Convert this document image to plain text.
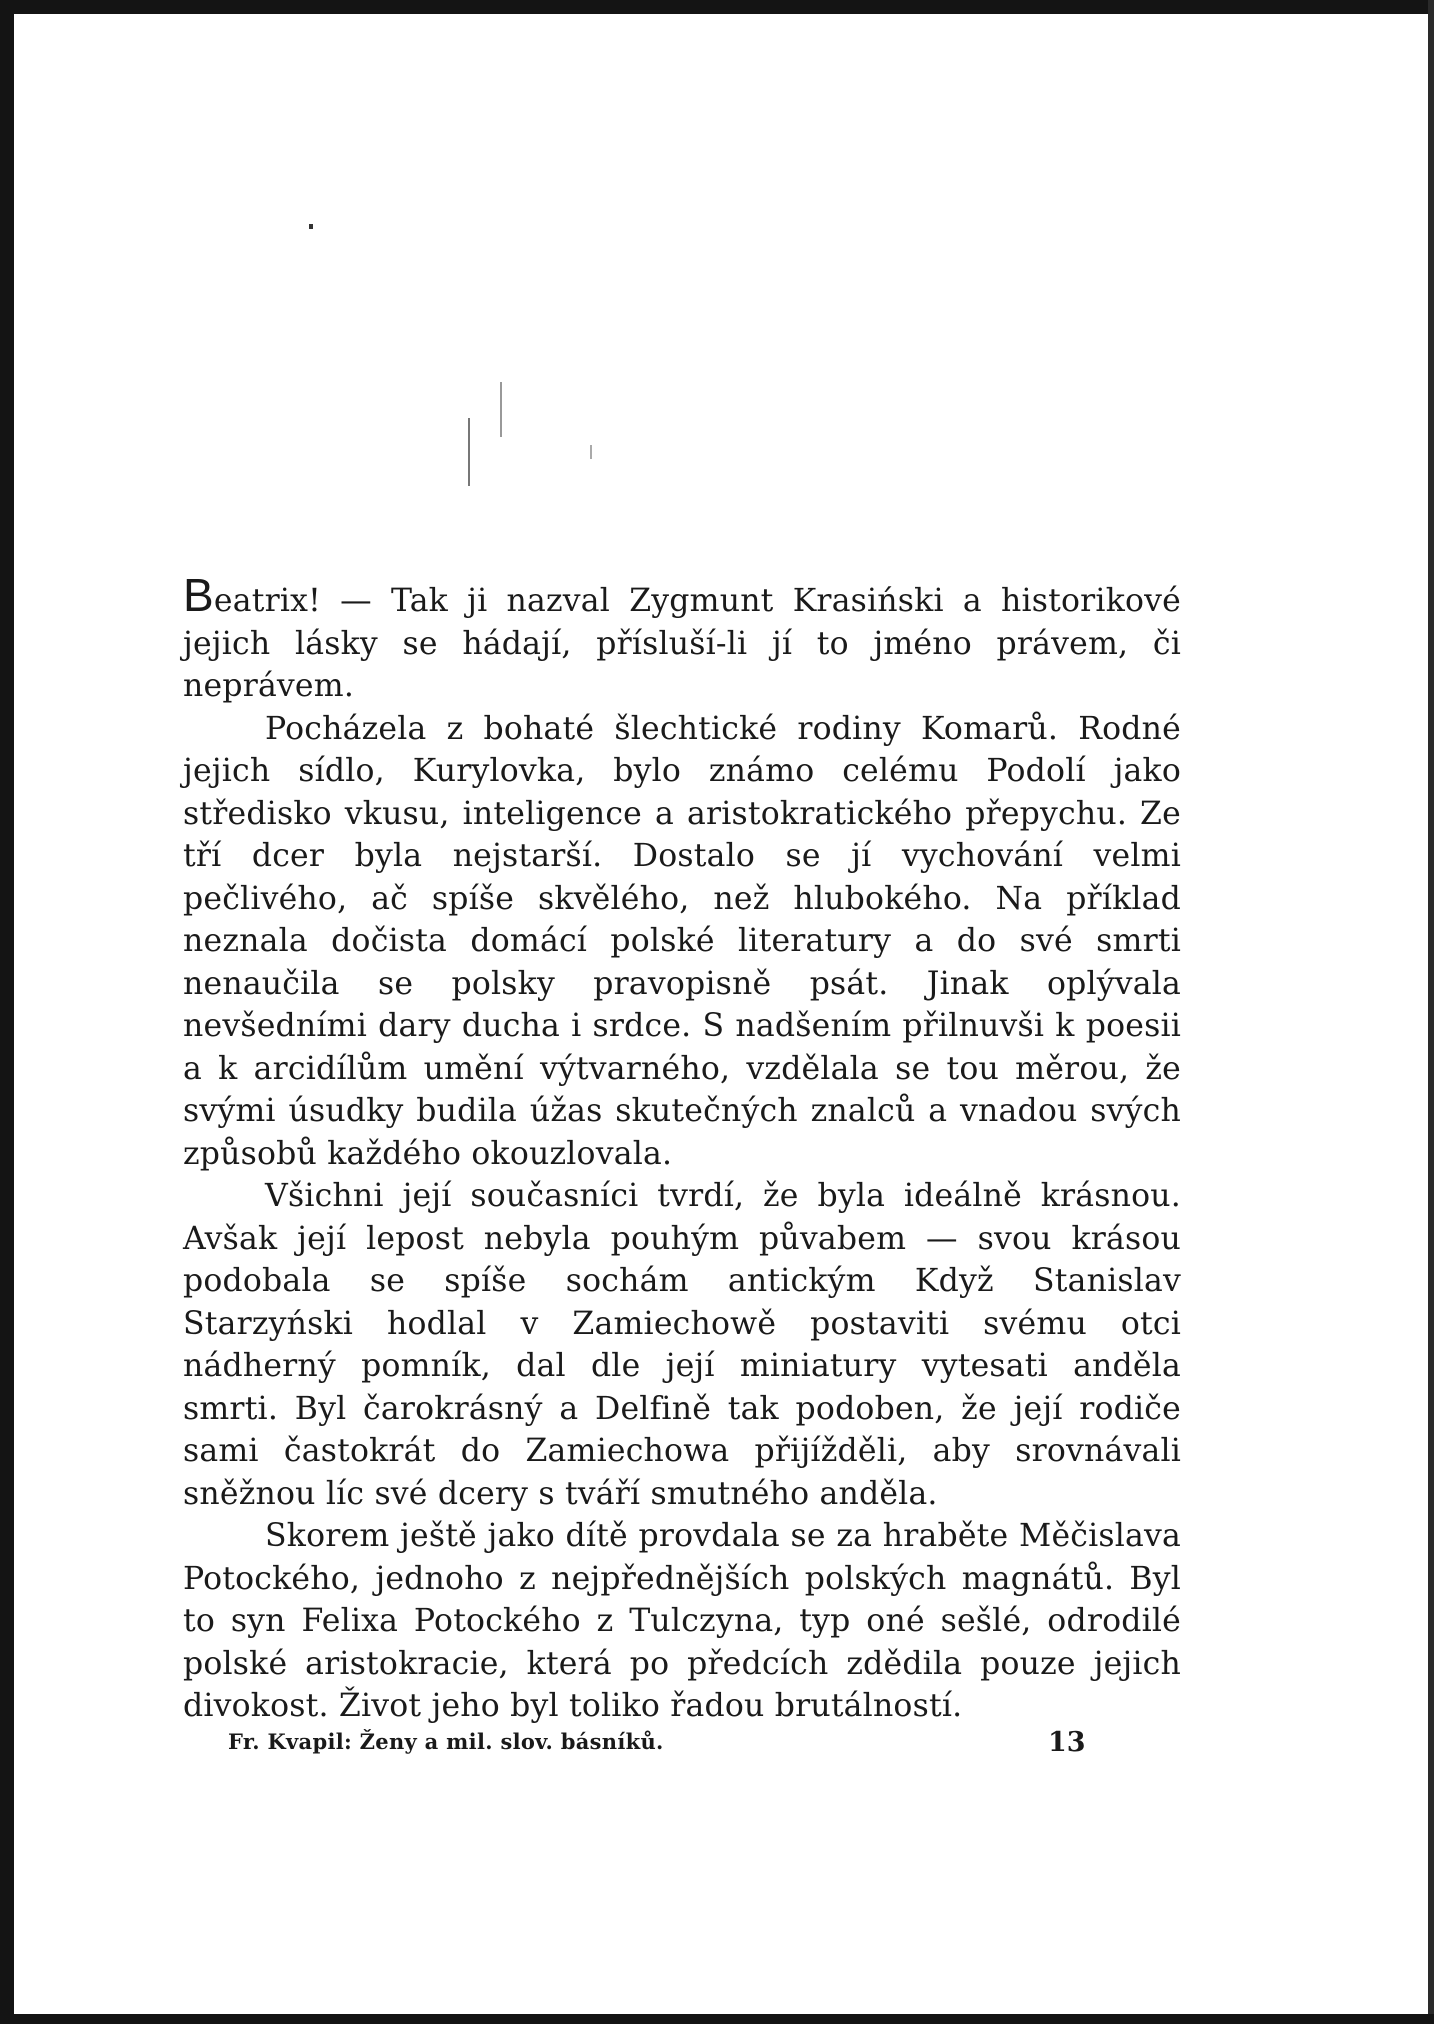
Beatrix! — Tak ji nazval Zygmunt Krasiński a historikové jejich lásky se hádají, přísluší-li jí to jméno právem, či neprávem.

Pocházela z bohaté šlechtické rodiny Komarů. Rodné jejich sídlo, Kurylovka, bylo známo celému Podolí jako středisko vkusu, inteligence a aristokratického přepychu. Ze tří dcer byla nejstarší. Dostalo se jí vychování velmi pečlivého, ač spíše skvělého, než hlubokého. Na příklad neznala dočista domácí polské literatury a do své smrti nenaučila se polsky pravopisně psát. Jinak oplývala nevšedními dary ducha i srdce. S nadšením přilnuvši k poesii a k arcidílům umění výtvarného, vzdělala se tou měrou, že svými úsudky budila úžas skutečných znalců a vnadou svých způsobů každého okouzlovala.

Všichni její současníci tvrdí, že byla ideálně krásnou. Avšak její lepost nebyla pouhým půvabem — svou krásou podobala se spíše sochám antickým Když Stanislav Starzyński hodlal v Zamiechowě postaviti svému otci nádherný pomník, dal dle její miniatury vytesati anděla smrti. Byl čarokrásný a Delfině tak podoben, že její rodiče sami častokrát do Zamiechowa přijížděli, aby srovnávali sněžnou líc své dcery s tváří smutného anděla.

Skorem ještě jako dítě provdala se za hraběte Měčislava Potockého, jednoho z nejpřednějších polských magnátů. Byl to syn Felixa Potockého z Tulczyna, typ oné sešlé, odrodilé polské aristokracie, která po předcích zdědila pouze jejich divokost. Život jeho byl toliko řadou brutálností.

Fr. Kvapil: Ženy a mil. slov. básníků.	13
